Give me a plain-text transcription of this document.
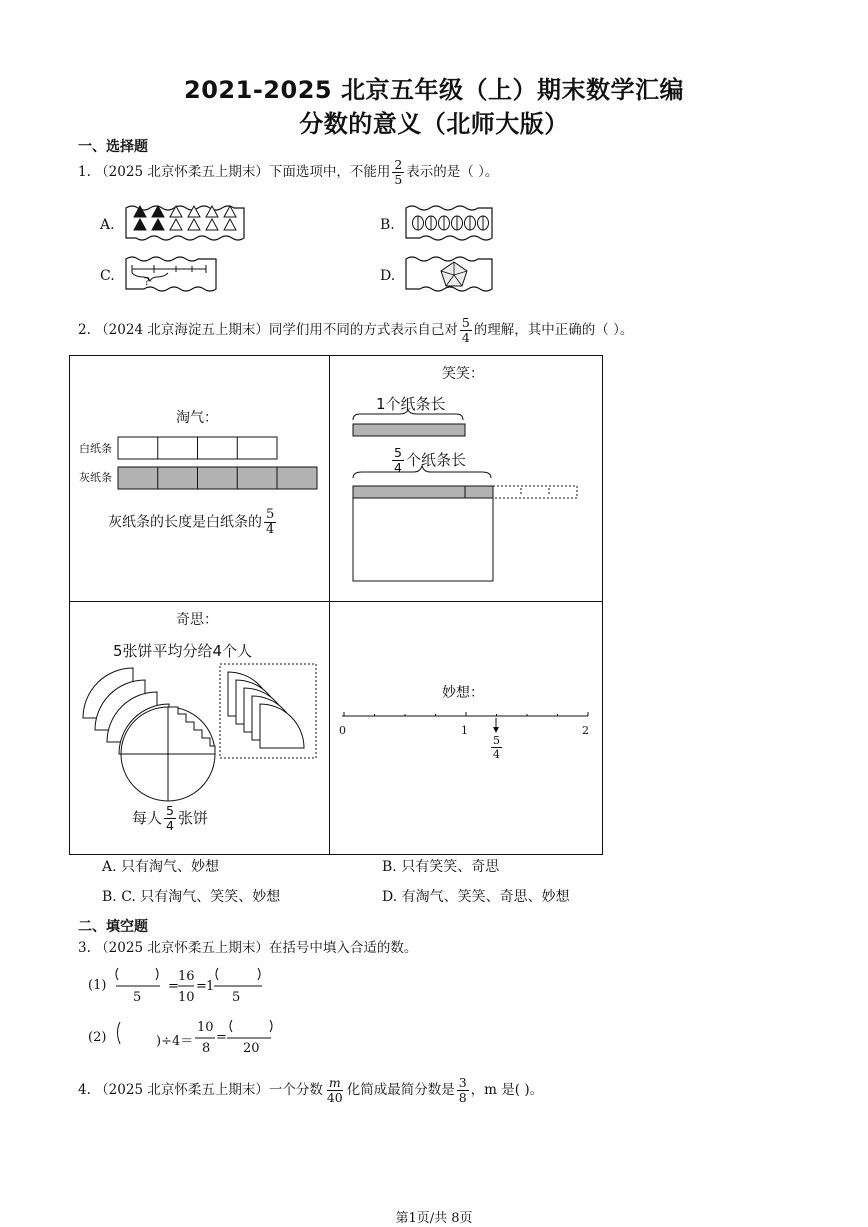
2021-2025 北京五年级（上）期末数学汇编
分数的意义（北师大版）
一、选择题
1. （2025 北京怀柔五上期末）下面选项中，不能用 $\frac{2}{5}$ 表示的是（ ）。
A.	B.
C.	?	D.
2. （2024 北京海淀五上期末）同学们用不同的方式表示自己对 $\frac{5}{4}$ 的理解，其中正确的（ ）。
淘气：
白纸条
灰纸条
灰纸条的长度是白纸条的 $\frac{5}{4}$
笑笑：
1个纸条长
$\frac{5}{4}$ 个纸条长
奇思：
5张饼平均分给4个人
每人 $\frac{5}{4}$ 张饼
妙想：
0	1	2
$\frac{5}{4}$
A. 只有淘气、妙想	B. 只有笑笑、奇思
B. C. 只有淘气、笑笑、妙想	D. 有淘气、笑笑、奇思、妙想
二、填空题
3. （2025 北京怀柔五上期末）在括号中填入合适的数。
(1)	= =
5
16
10
1
5
(2)	)÷4＝
10
8
=
20
4. （2025 北京怀柔五上期末）一个分数 $\frac{m}{40}$ 化简成最简分数是 $\frac{3}{8}$ ，m 是( )。
第1页/共 8页
